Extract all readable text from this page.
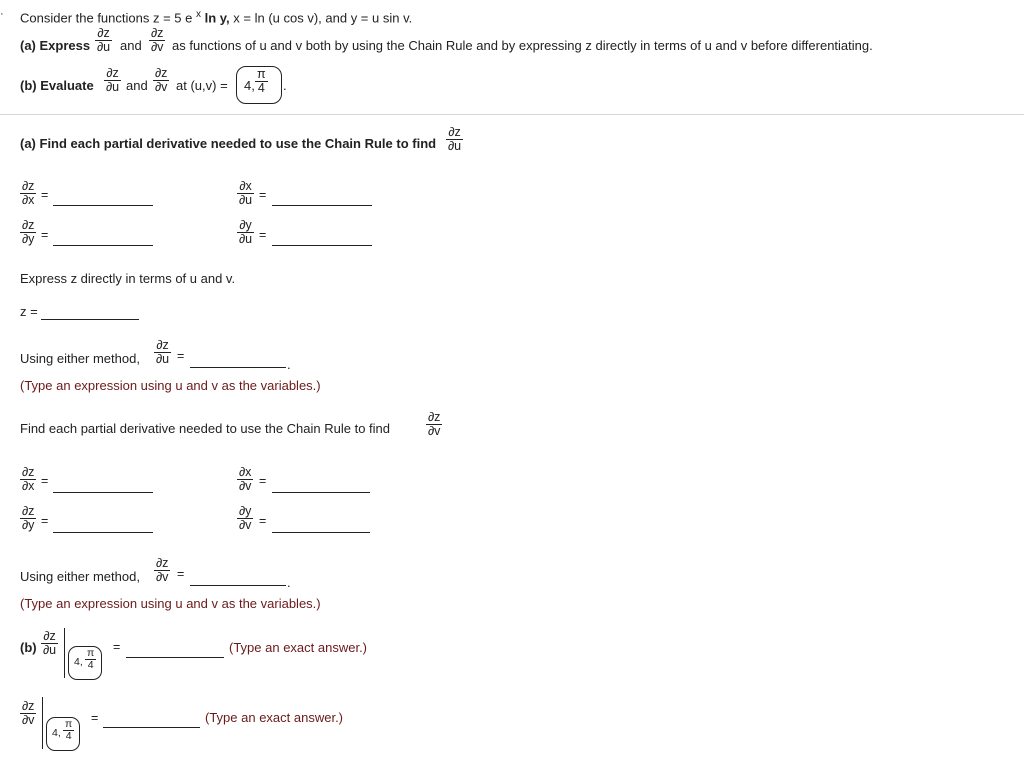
· Consider the functions z = 5 e $^x$ ln y, x = ln (u cos v), and y = u sin v.
(a) Express $\frac{\partial z}{\partial u}$ and $\frac{\partial z}{\partial v}$ as functions of u and v both by using the Chain Rule and by expressing z directly in terms of u and v before differentiating.
(b) Evaluate $\frac{\partial z}{\partial u}$ and $\frac{\partial z}{\partial v}$ at (u,v) = 4, $\frac{\pi}{4}$ .
(a) Find each partial derivative needed to use the Chain Rule to find $\frac{\partial z}{\partial u}$
$\frac{\partial z}{\partial x}$ =	$\frac{\partial x}{\partial u}$ =
$\frac{\partial z}{\partial y}$ =	$\frac{\partial y}{\partial u}$ =
Express z directly in terms of u and v.
z =
Using either method, $\frac{\partial z}{\partial u}$ =
.
(Type an expression using u and v as the variables.)
Find each partial derivative needed to use the Chain Rule to find	$\frac{\partial z}{\partial v}$
$\frac{\partial z}{\partial x}$ =	$\frac{\partial x}{\partial v}$ =
$\frac{\partial z}{\partial y}$ =	$\frac{\partial y}{\partial v}$ =
Using either method, $\frac{\partial z}{\partial v}$ =
.
(Type an expression using u and v as the variables.)
$(b) \frac{\partial z}{\partial u}$
4, $\frac{\pi}{4}$
=	(Type an exact answer.)
$\frac{\partial z}{\partial v}$
4, $\frac{\pi}{4}$
=	(Type an exact answer.)
